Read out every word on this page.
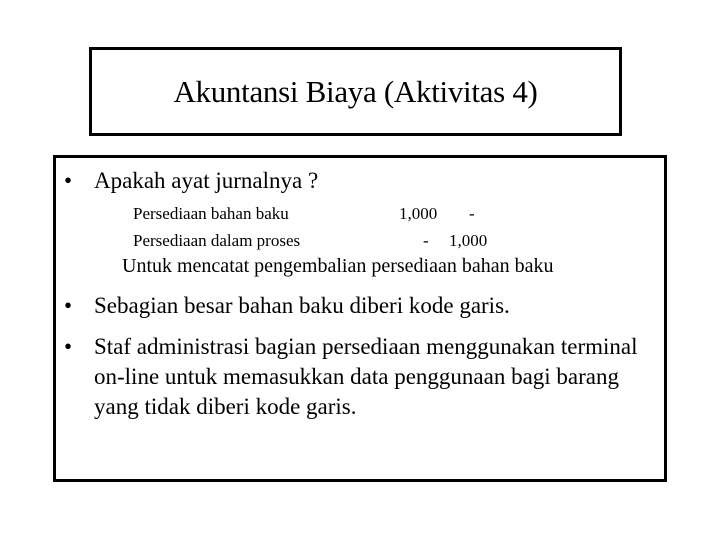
Akuntansi Biaya (Aktivitas 4)
• Apakah ayat jurnalnya ?
Persediaan bahan baku	1,000 -
Persediaan dalam proses	- 1,000
Untuk mencatat pengembalian persediaan bahan baku
• Sebagian besar bahan baku diberi kode garis.
• Staf administrasi bagian persediaan menggunakan terminal on-line untuk memasukkan data penggunaan bagi barang yang tidak diberi kode garis.
